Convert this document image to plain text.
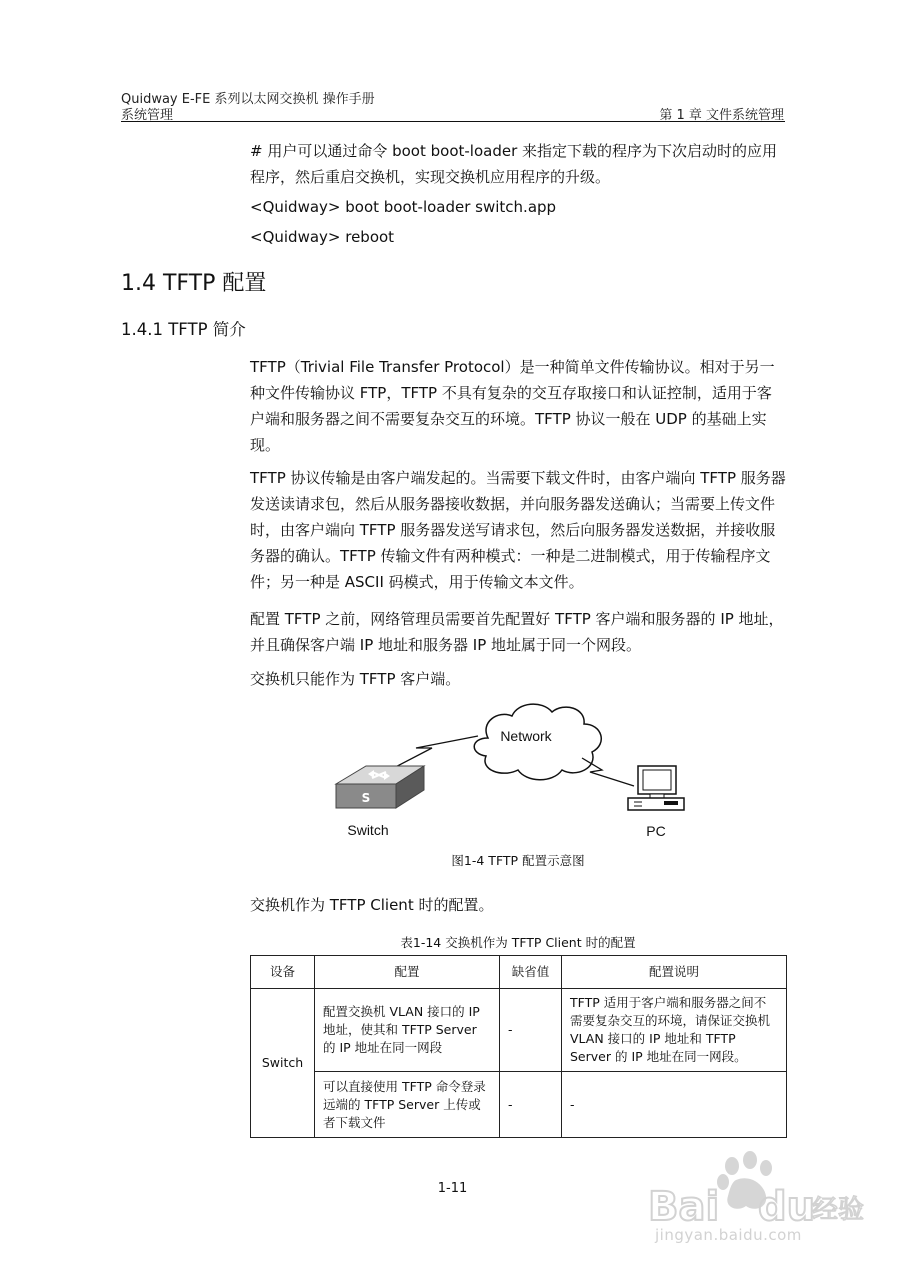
Quidway E-FE 系列以太网交换机 操作手册
系统管理	第 1 章 文件系统管理

# 用户可以通过命令 boot boot-loader 来指定下载的程序为下次启动时的应用程序，然后重启交换机，实现交换机应用程序的升级。

<Quidway> boot boot-loader switch.app

<Quidway> reboot

1.4 TFTP 配置
1.4.1 TFTP 简介

TFTP（Trivial File Transfer Protocol）是一种简单文件传输协议。相对于另一种文件传输协议 FTP，TFTP 不具有复杂的交互存取接口和认证控制，适用于客户端和服务器之间不需要复杂交互的环境。TFTP 协议一般在 UDP 的基础上实现。

TFTP 协议传输是由客户端发起的。当需要下载文件时，由客户端向 TFTP 服务器发送读请求包，然后从服务器接收数据，并向服务器发送确认；当需要上传文件时，由客户端向 TFTP 服务器发送写请求包，然后向服务器发送数据，并接收服务器的确认。TFTP 传输文件有两种模式：一种是二进制模式，用于传输程序文件；另一种是 ASCII 码模式，用于传输文本文件。

配置 TFTP 之前，网络管理员需要首先配置好 TFTP 客户端和服务器的 IP 地址，并且确保客户端 IP 地址和服务器 IP 地址属于同一个网段。

交换机只能作为 TFTP 客户端。

Network
S
Switch	PC
图1-4 TFTP 配置示意图

交换机作为 TFTP Client 时的配置。

表1-14 交换机作为 TFTP Client 时的配置
设备	配置	缺省值	配置说明
Switch	配置交换机 VLAN 接口的 IP 地址，使其和 TFTP Server 的 IP 地址在同一网段	-	TFTP 适用于客户端和服务器之间不需要复杂交互的环境，请保证交换机 VLAN 接口的 IP 地址和 TFTP Server 的 IP 地址在同一网段。
	可以直接使用 TFTP 命令登录远端的 TFTP Server 上传或者下载文件	-	-
1-11	Bai du
经验
jingyan.baidu.com
